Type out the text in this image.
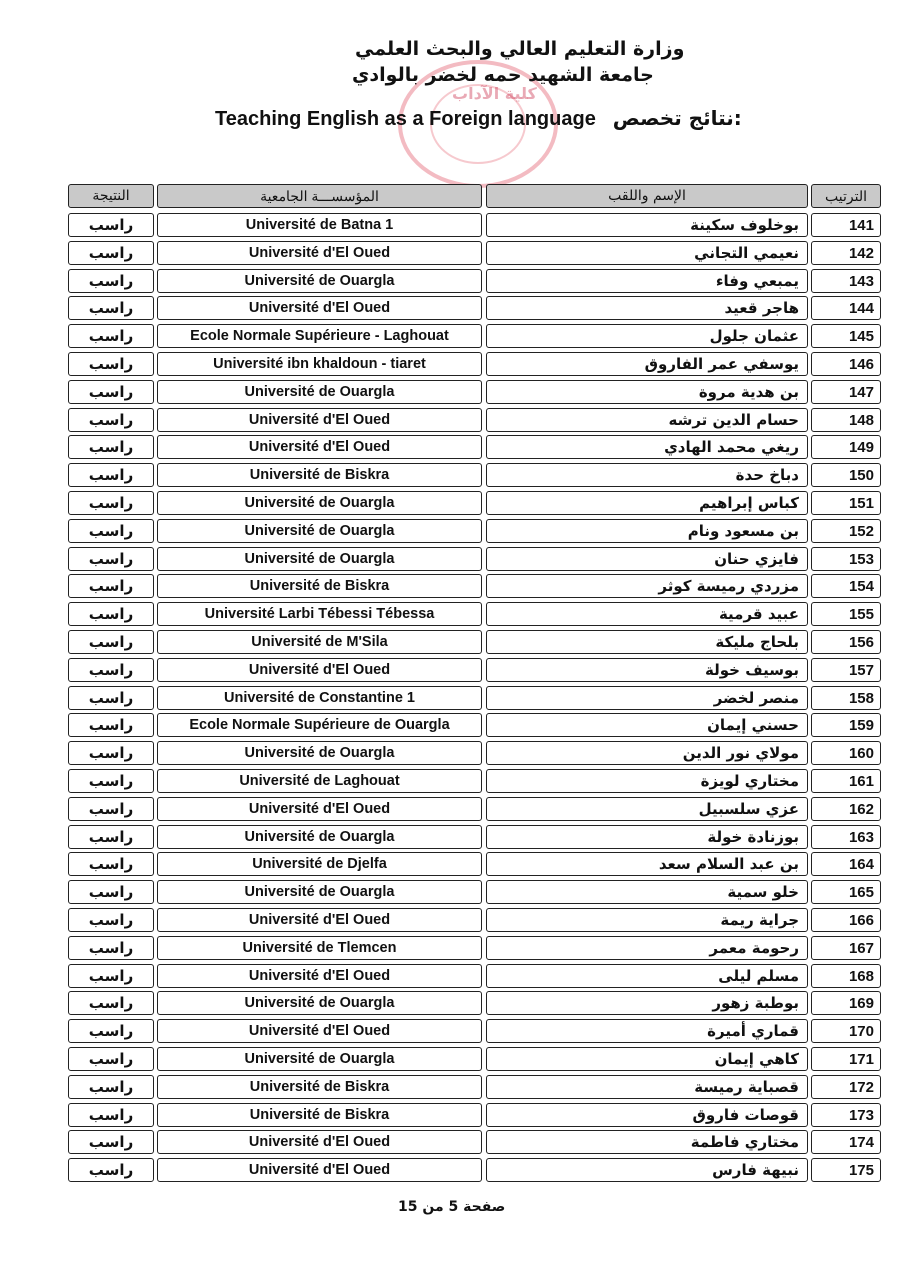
كلية الآداب
وزارة التعليم العالي والبحث العلمي
جامعة الشهيد حمه لخضر بالوادي
Teaching English as a Foreign language نتائج تخصص:
النتيجة	المؤسســـة الجامعية	الإسم واللقب	الترتيب
راسب	Université de Batna 1	بوخلوف سكينة	141
راسب	Université d'El Oued	نعيمي التجاني	142
راسب	Université de Ouargla	يمبعي وفاء	143
راسب	Université d'El Oued	هاجر قعيد	144
راسب	Ecole Normale Supérieure - Laghouat	عثمان جلول	145
راسب	Université ibn khaldoun - tiaret	يوسفي عمر الفاروق	146
راسب	Université de Ouargla	بن هدية مروة	147
راسب	Université d'El Oued	حسام الدين ترشه	148
راسب	Université d'El Oued	ريغي محمد الهادي	149
راسب	Université de Biskra	دباخ حدة	150
راسب	Université de Ouargla	كباس إبراهيم	151
راسب	Université de Ouargla	بن مسعود ونام	152
راسب	Université de Ouargla	فايزي حنان	153
راسب	Université de Biskra	مزردي رميسة كوثر	154
راسب	Université Larbi Tébessi Tébessa	عبيد قرمية	155
راسب	Université de M'Sila	بلحاج مليكة	156
راسب	Université d'El Oued	بوسيف خولة	157
راسب	Université de Constantine 1	منصر لخضر	158
راسب	Ecole Normale Supérieure de Ouargla	حسني إيمان	159
راسب	Université de Ouargla	مولاي نور الدين	160
راسب	Université de Laghouat	مختاري لويزة	161
راسب	Université d'El Oued	عزي سلسبيل	162
راسب	Université de Ouargla	بوزنادة خولة	163
راسب	Université de Djelfa	بن عبد السلام سعد	164
راسب	Université de Ouargla	خلو سمية	165
راسب	Université d'El Oued	جراية ريمة	166
راسب	Université de Tlemcen	رحومة معمر	167
راسب	Université d'El Oued	مسلم ليلى	168
راسب	Université de Ouargla	بوطبة زهور	169
راسب	Université d'El Oued	قماري أميرة	170
راسب	Université de Ouargla	كاهي إيمان	171
راسب	Université de Biskra	قصباية رميسة	172
راسب	Université de Biskra	قوصات فاروق	173
راسب	Université d'El Oued	مختاري فاطمة	174
راسب	Université d'El Oued	نبيهة فارس	175
صفحة 5 من 15
